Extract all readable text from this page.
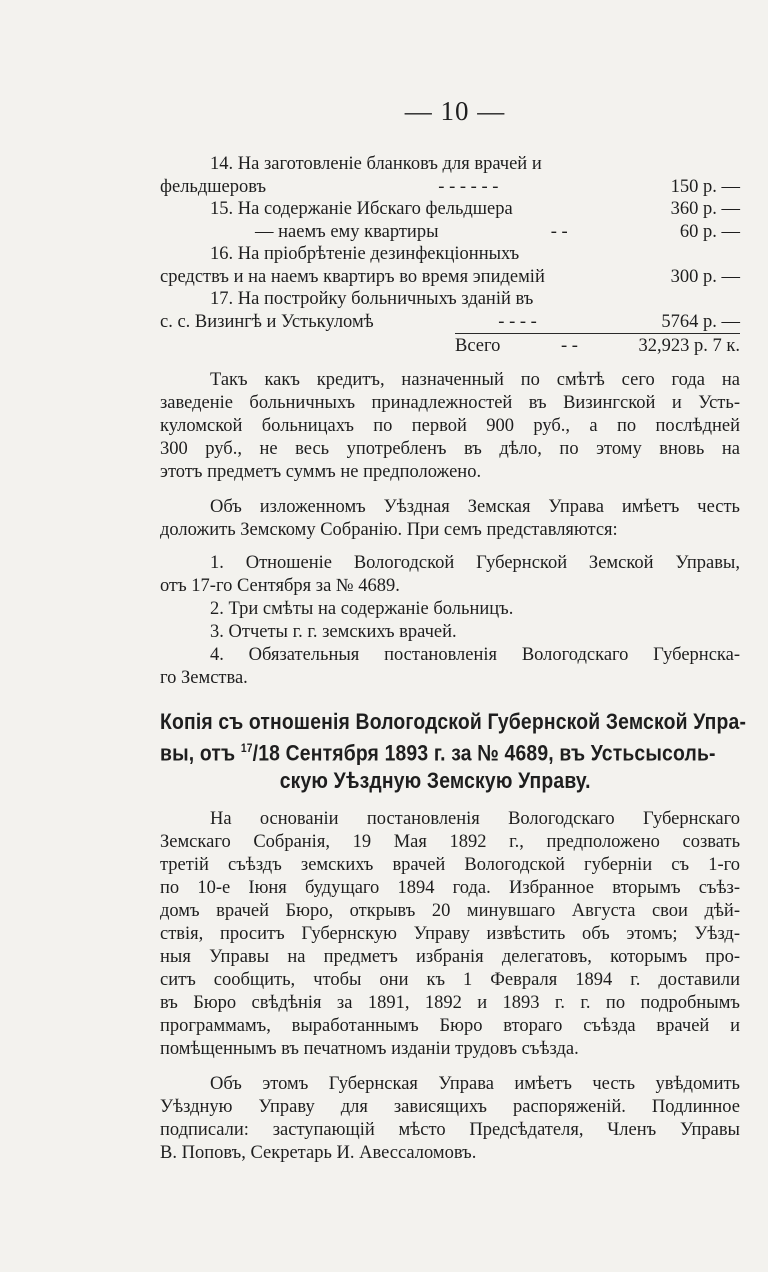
— 10 —
14. На заготовленіе бланковъ для врачей и
фельдшеровъ	- - - - - -	150 р. —
15. На содержаніе Ибскаго фельдшера	360 р. —
— наемъ ему квартиры	- -	60 р. —
16. На пріобрѣтеніе дезинфекціонныхъ
средствъ и на наемъ квартиръ во время эпидемій	300 р. —
17. На постройку больничныхъ зданій въ
с. с. Визингѣ и Устькуломѣ	- - - -	5764 р. —
Всего	- -	32,923 р. 7 к.
Такъ какъ кредитъ, назначенный по смѣтѣ сего года на
заведеніе больничныхъ принадлежностей въ Визингской и Усть-
куломской больницахъ по первой 900 руб., а по послѣдней
300 руб., не весь употребленъ въ дѣло, по этому вновь на
этотъ предметъ суммъ не предположено.
Объ изложенномъ Уѣздная Земская Управа имѣетъ честь
доложить Земскому Собранію. При семъ представляются:
1. Отношеніе Вологодской Губернской Земской Управы,
отъ 17-го Сентября за № 4689.
2. Три смѣты на содержаніе больницъ.
3. Отчеты г. г. земскихъ врачей.
4. Обязательныя постановленія Вологодскаго Губернска-
го Земства.
Копія съ отношенія Вологодской Губернской Земской Упра-
вы, отъ $^{17}$/18 Сентября 1893 г. за № 4689, въ Устьсысоль-
скую Уѣздную Земскую Управу.
На основаніи постановленія Вологодскаго Губернскаго
Земскаго Собранія, 19 Мая 1892 г., предположено созвать
третій съѣздъ земскихъ врачей Вологодской губерніи съ 1-го
по 10-е Іюня будущаго 1894 года. Избранное вторымъ съѣз-
домъ врачей Бюро, открывъ 20 минувшаго Августа свои дѣй-
ствія, проситъ Губернскую Управу извѣстить объ этомъ; Уѣзд-
ныя Управы на предметъ избранія делегатовъ, которымъ про-
ситъ сообщить, чтобы они къ 1 Февраля 1894 г. доставили
въ Бюро свѣдѣнія за 1891, 1892 и 1893 г. г. по подробнымъ
программамъ, выработаннымъ Бюро втораго съѣзда врачей и
помѣщеннымъ въ печатномъ изданіи трудовъ съѣзда.
Объ этомъ Губернская Управа имѣетъ честь увѣдомить
Уѣздную Управу для зависящихъ распоряженій. Подлинное
подписали: заступающій мѣсто Предсѣдателя, Членъ Управы
В. Поповъ, Секретарь И. Авессаломовъ.
